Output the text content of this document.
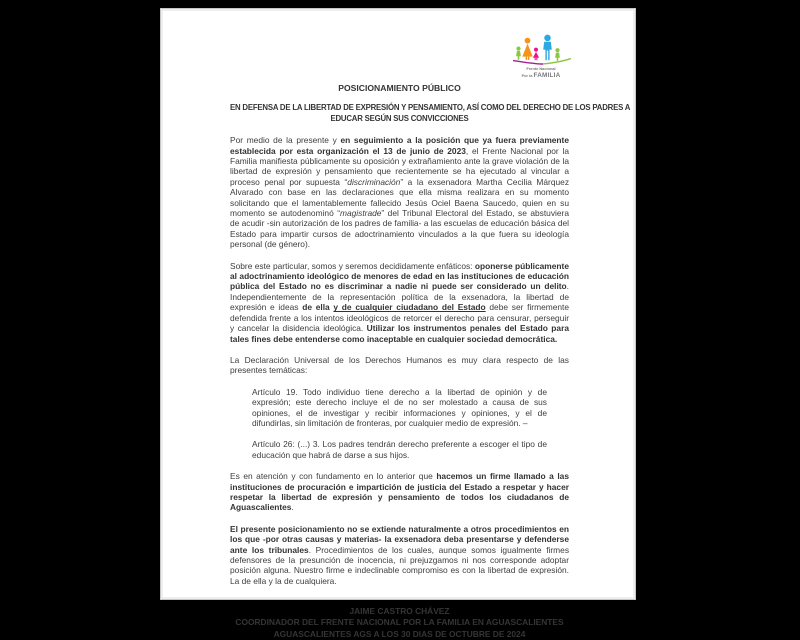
Frente Nacional
Por la FAMILIA
POSICIONAMIENTO PÚBLICO
EN DEFENSA DE LA LIBERTAD DE EXPRESIÓN Y PENSAMIENTO, ASÍ COMO DEL DERECHO DE LOS PADRES A
EDUCAR SEGÚN SUS CONVICCIONES

Por medio de la presente y en seguimiento a la posición que ya fuera previamente establecida por esta organización el 13 de junio de 2023, el Frente Nacional por la Familia manifiesta públicamente su oposición y extrañamiento ante la grave violación de la libertad de expresión y pensamiento que recientemente se ha ejecutado al vincular a proceso penal por supuesta “discriminación” a la exsenadora Martha Cecilia Márquez Alvarado con base en las declaraciones que ella misma realizara en su momento solicitando que el lamentablemente fallecido Jesús Ociel Baena Saucedo, quien en su momento se autodenominó “magistrade” del Tribunal Electoral del Estado, se abstuviera de acudir -sin autorización de los padres de familia- a las escuelas de educación básica del Estado para impartir cursos de adoctrinamiento vinculados a la que fuera su ideología personal (de género).

Sobre este particular, somos y seremos decididamente enfáticos: oponerse públicamente al adoctrinamiento ideológico de menores de edad en las instituciones de educación pública del Estado no es discriminar a nadie ni puede ser considerado un delito. Independientemente de la representación política de la exsenadora, la libertad de expresión e ideas de ella y de cualquier ciudadano del Estado debe ser firmemente defendida frente a los intentos ideológicos de retorcer el derecho para censurar, perseguir y cancelar la disidencia ideológica. Utilizar los instrumentos penales del Estado para tales fines debe entenderse como inaceptable en cualquier sociedad democrática.

La Declaración Universal de los Derechos Humanos es muy clara respecto de las presentes temáticas:

Artículo 19. Todo individuo tiene derecho a la libertad de opinión y de expresión; este derecho incluye el de no ser molestado a causa de sus opiniones, el de investigar y recibir informaciones y opiniones, y el de difundirlas, sin limitación de fronteras, por cualquier medio de expresión. –

Artículo 26: (...) 3. Los padres tendrán derecho preferente a escoger el tipo de educación que habrá de darse a sus hijos.

Es en atención y con fundamento en lo anterior que hacemos un firme llamado a las instituciones de procuración e impartición de justicia del Estado a respetar y hacer respetar la libertad de expresión y pensamiento de todos los ciudadanos de Aguascalientes.

El presente posicionamiento no se extiende naturalmente a otros procedimientos en los que -por otras causas y materias- la exsenadora deba presentarse y defenderse ante los tribunales. Procedimientos de los cuales, aunque somos igualmente firmes defensores de la presunción de inocencia, ni prejuzgamos ni nos corresponde adoptar posición alguna. Nuestro firme e indeclinable compromiso es con la libertad de expresión. La de ella y la de cualquiera.

JAIME CASTRO CHÁVEZ
COORDINADOR DEL FRENTE NACIONAL POR LA FAMILIA EN AGUASCALIENTES
AGUASCALIENTES AGS A LOS 30 DIAS DE OCTUBRE DE 2024
